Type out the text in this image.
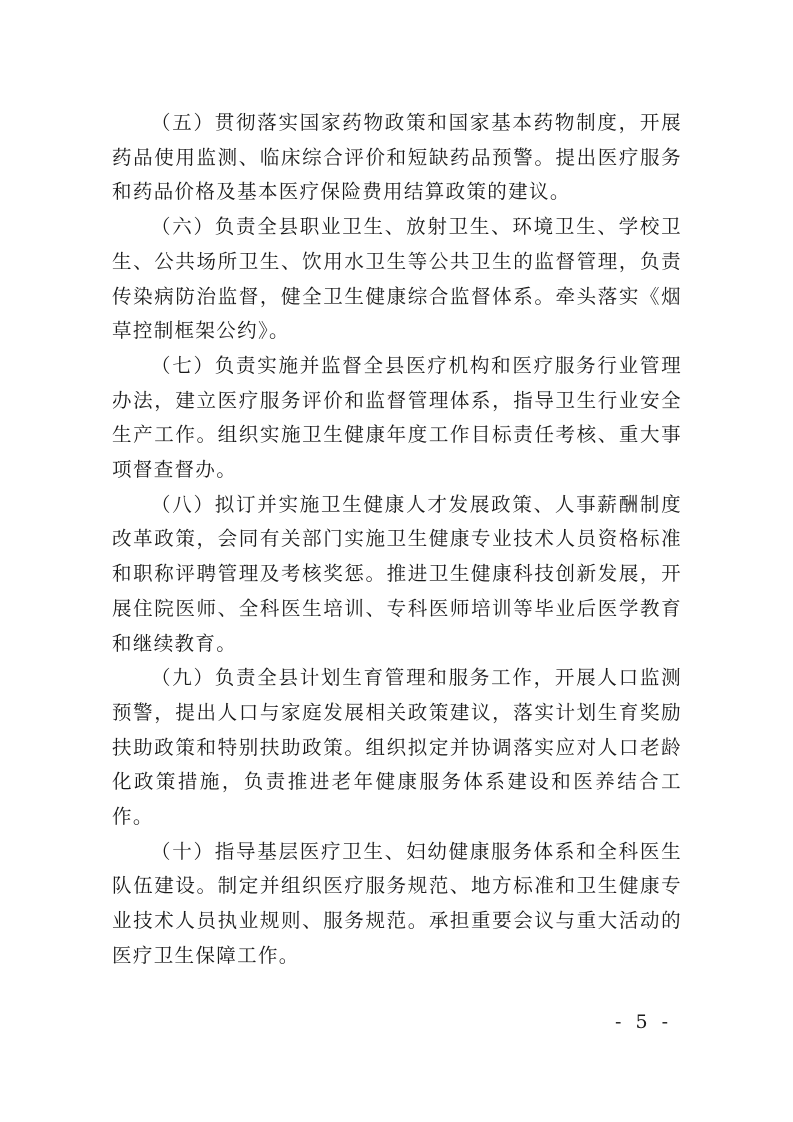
（五）贯彻落实国家药物政策和国家基本药物制度，开展药品使用监测、临床综合评价和短缺药品预警。提出医疗服务和药品价格及基本医疗保险费用结算政策的建议。

（六）负责全县职业卫生、放射卫生、环境卫生、学校卫生、公共场所卫生、饮用水卫生等公共卫生的监督管理，负责传染病防治监督，健全卫生健康综合监督体系。牵头落实《烟草控制框架公约》。

（七）负责实施并监督全县医疗机构和医疗服务行业管理办法，建立医疗服务评价和监督管理体系，指导卫生行业安全生产工作。组织实施卫生健康年度工作目标责任考核、重大事项督查督办。

（八）拟订并实施卫生健康人才发展政策、人事薪酬制度改革政策，会同有关部门实施卫生健康专业技术人员资格标准和职称评聘管理及考核奖惩。推进卫生健康科技创新发展，开展住院医师、全科医生培训、专科医师培训等毕业后医学教育和继续教育。

（九）负责全县计划生育管理和服务工作，开展人口监测预警，提出人口与家庭发展相关政策建议，落实计划生育奖励扶助政策和特别扶助政策。组织拟定并协调落实应对人口老龄化政策措施，负责推进老年健康服务体系建设和医养结合工作。

（十）指导基层医疗卫生、妇幼健康服务体系和全科医生队伍建设。制定并组织医疗服务规范、地方标准和卫生健康专业技术人员执业规则、服务规范。承担重要会议与重大活动的医疗卫生保障工作。

- 5 -
